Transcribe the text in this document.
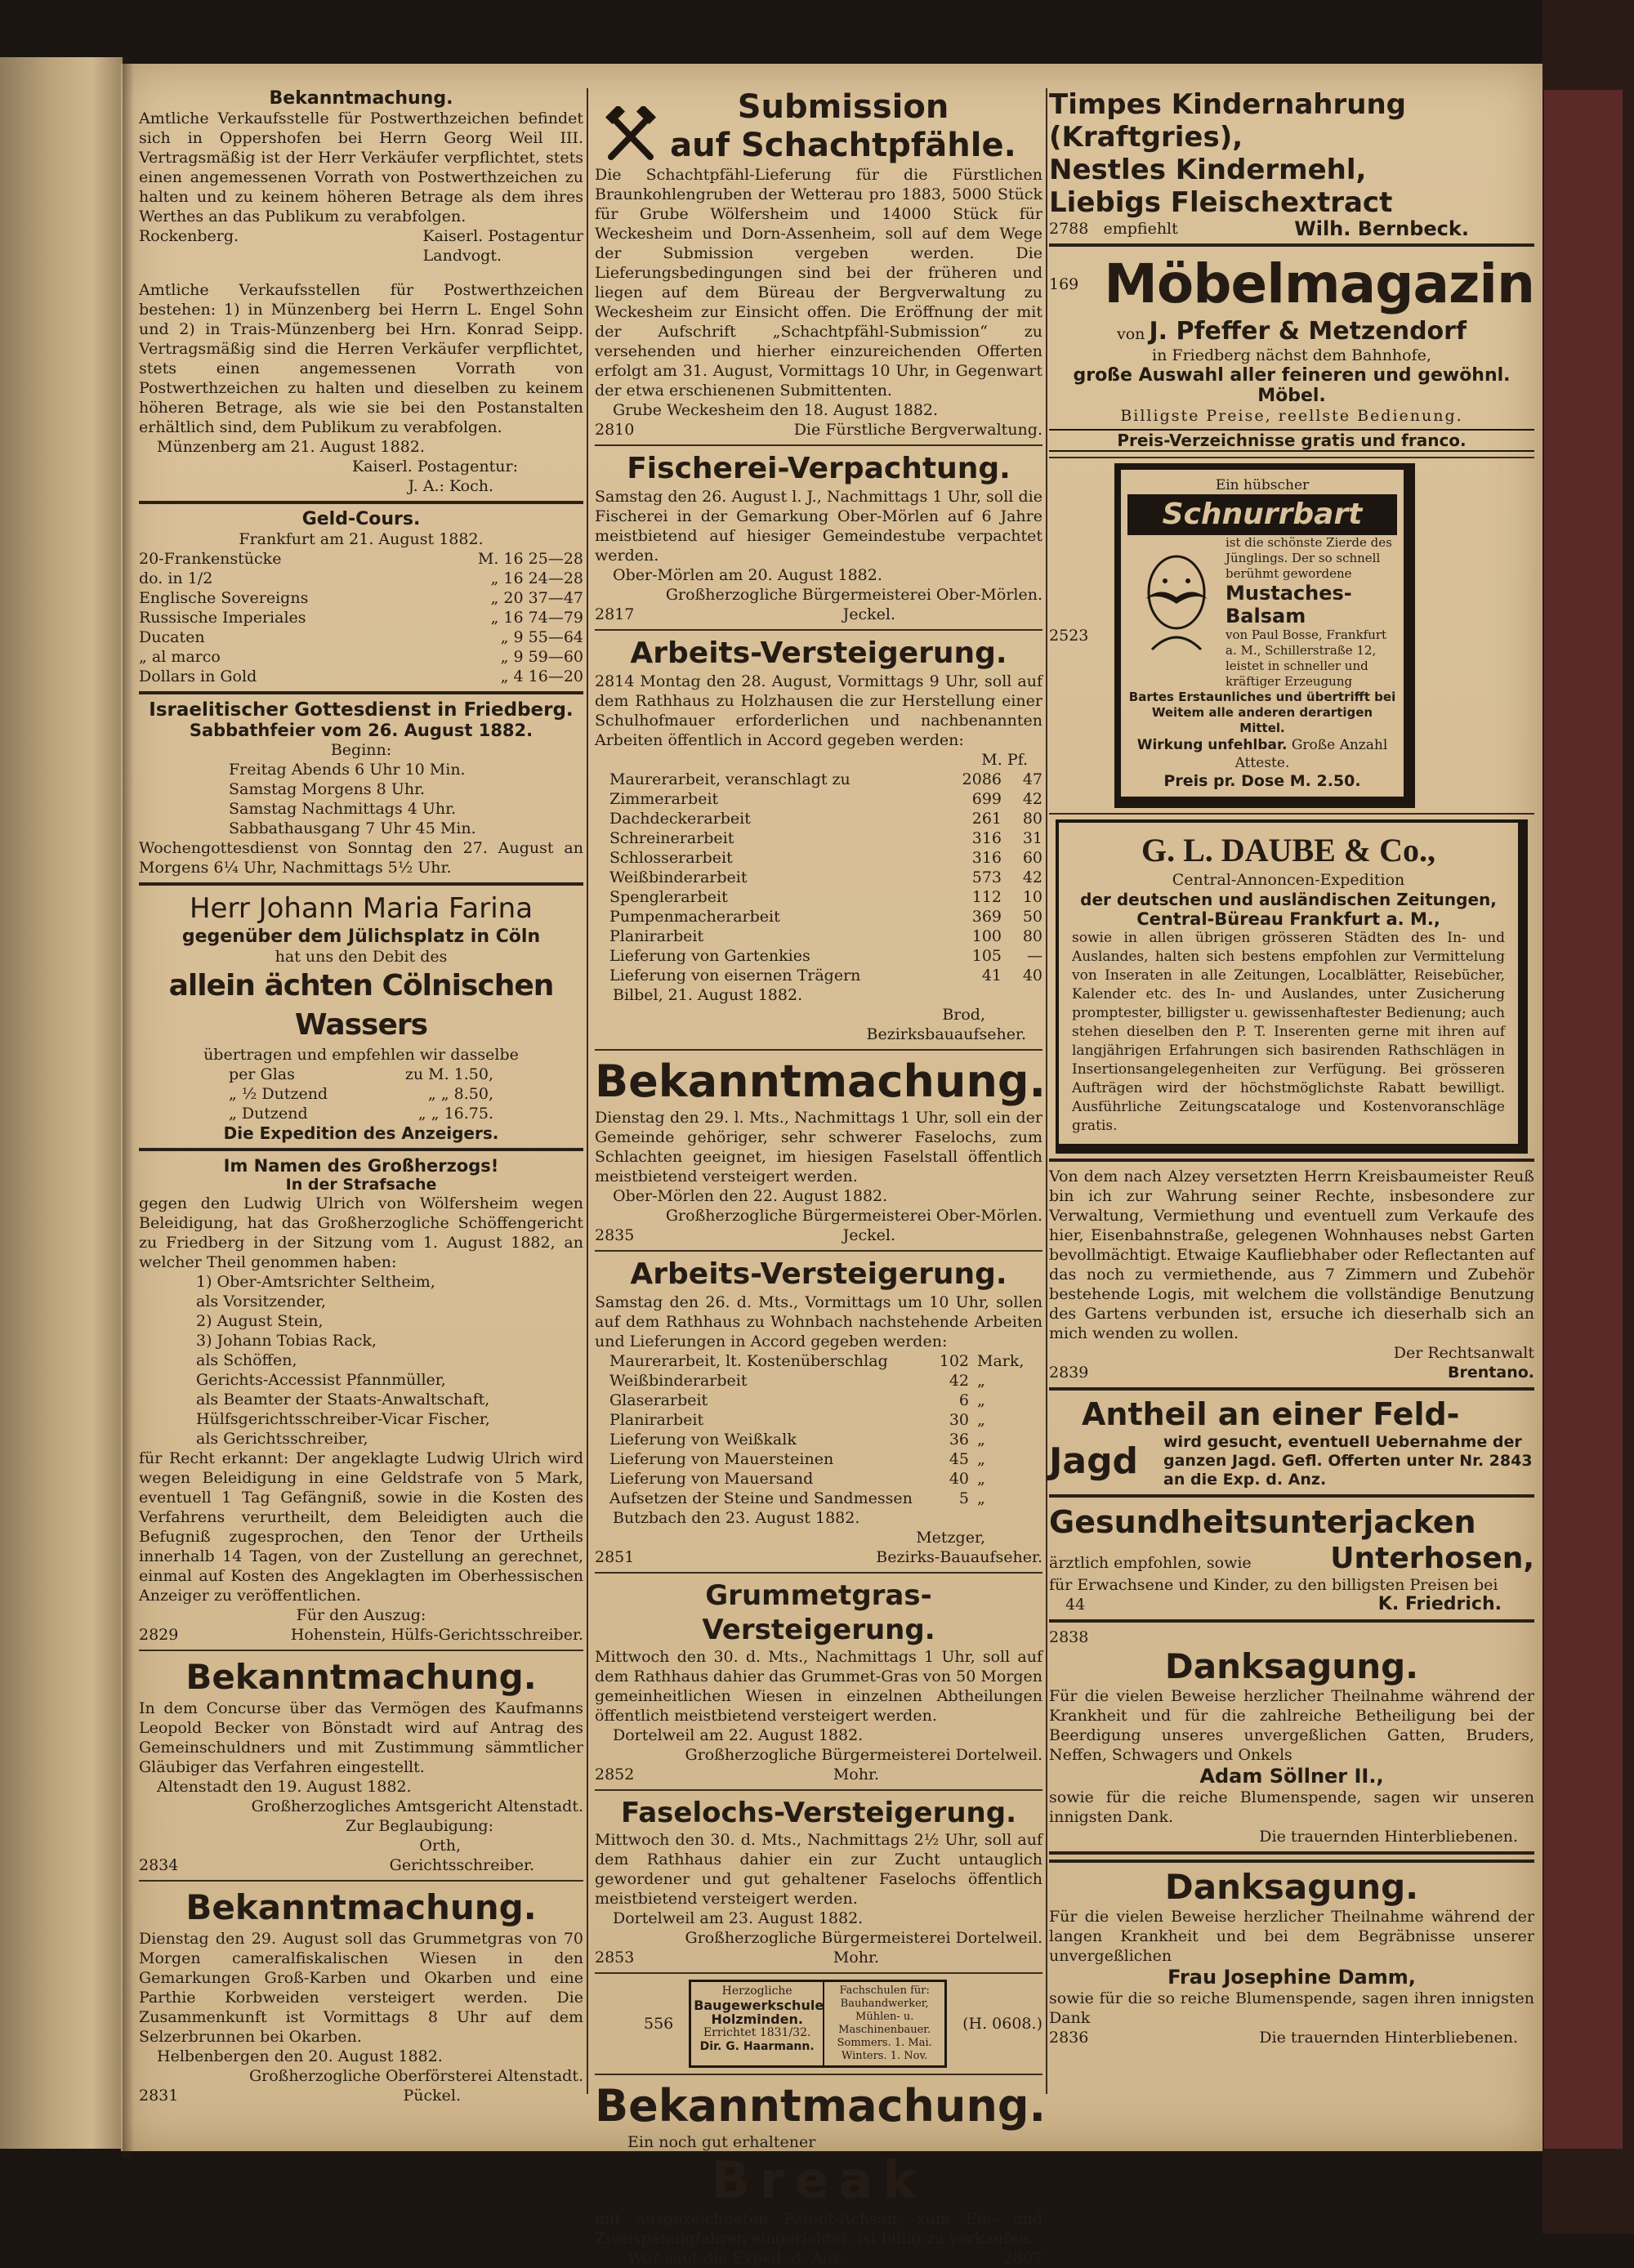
Bekanntmachung.
Amtliche Verkaufsstelle für Postwerthzeichen befindet sich in Oppershofen bei Herrn Georg Weil III. Vertragsmäßig ist der Herr Verkäufer verpflichtet, stets einen angemessenen Vorrath von Postwerthzeichen zu halten und zu keinem höheren Betrage als dem ihres Werthes an das Publikum zu verabfolgen.
Rockenberg.	Kaiserl. Postagentur
Landvogt.
Amtliche Verkaufsstellen für Postwerthzeichen bestehen: 1) in Münzenberg bei Herrn L. Engel Sohn und 2) in Trais-Münzenberg bei Hrn. Konrad Seipp. Vertragsmäßig sind die Herren Verkäufer verpflichtet, stets einen angemessenen Vorrath von Postwerthzeichen zu halten und dieselben zu keinem höheren Betrage, als wie sie bei den Postanstalten erhältlich sind, dem Publikum zu verabfolgen.
Münzenberg am 21. August 1882.
Kaiserl. Postagentur:
J. A.: Koch.
Geld-Cours.
Frankfurt am 21. August 1882.
20-Frankenstücke	M. 16 25—28
do. in 1/2	„ 16 24—28
Englische Sovereigns	„ 20 37—47
Russische Imperiales	„ 16 74—79
Ducaten	„ 9 55—64
„ al marco	„ 9 59—60
Dollars in Gold	„ 4 16—20
Israelitischer Gottesdienst in Friedberg.
Sabbathfeier vom 26. August 1882.
Beginn:
Freitag Abends 6 Uhr 10 Min.
Samstag Morgens 8 Uhr.
Samstag Nachmittags 4 Uhr.
Sabbathausgang 7 Uhr 45 Min.
Wochengottesdienst von Sonntag den 27. August an Morgens 6¼ Uhr, Nachmittags 5½ Uhr.
Herr Johann Maria Farina
gegenüber dem Jülichsplatz in Cöln
hat uns den Debit des
allein ächten Cölnischen Wassers
übertragen und empfehlen wir dasselbe
per Glas	zu M. 1.50,
„ ½ Dutzend	„ „ 8.50,
„ Dutzend	„ „ 16.75.
Die Expedition des Anzeigers.
Im Namen des Großherzogs!
In der Strafsache
gegen den Ludwig Ulrich von Wölfersheim wegen Beleidigung, hat das Großherzogliche Schöffengericht zu Friedberg in der Sitzung vom 1. August 1882, an welcher Theil genommen haben:
1) Ober-Amtsrichter Seltheim,
als Vorsitzender,
2) August Stein,
3) Johann Tobias Rack,
als Schöffen,
Gerichts-Accessist Pfannmüller,
als Beamter der Staats-Anwaltschaft,
Hülfsgerichtsschreiber-Vicar Fischer,
als Gerichtsschreiber,
für Recht erkannt: Der angeklagte Ludwig Ulrich wird wegen Beleidigung in eine Geldstrafe von 5 Mark, eventuell 1 Tag Gefängniß, sowie in die Kosten des Verfahrens verurtheilt, dem Beleidigten auch die Befugniß zugesprochen, den Tenor der Urtheils innerhalb 14 Tagen, von der Zustellung an gerechnet, einmal auf Kosten des Angeklagten im Oberhessischen Anzeiger zu veröffentlichen.
Für den Auszug:
2829	Hohenstein, Hülfs-Gerichtsschreiber.
Bekanntmachung.
In dem Concurse über das Vermögen des Kaufmanns Leopold Becker von Bönstadt wird auf Antrag des Gemeinschuldners und mit Zustimmung sämmtlicher Gläubiger das Verfahren eingestellt.
Altenstadt den 19. August 1882.
Großherzogliches Amtsgericht Altenstadt.
Zur Beglaubigung:
Orth,
2834	Gerichtsschreiber.
Bekanntmachung.
Dienstag den 29. August soll das Grummetgras von 70 Morgen cameralfiskalischen Wiesen in den Gemarkungen Groß-Karben und Okarben und eine Parthie Korbweiden versteigert werden. Die Zusammenkunft ist Vormittags 8 Uhr auf dem Selzerbrunnen bei Okarben.
Helbenbergen den 20. August 1882.
Großherzogliche Oberförsterei Altenstadt.
2831	Pückel.
Submission
auf Schachtpfähle.
Die Schachtpfähl-Lieferung für die Fürstlichen Braunkohlengruben der Wetterau pro 1883, 5000 Stück für Grube Wölfersheim und 14000 Stück für Weckesheim und Dorn-Assenheim, soll auf dem Wege der Submission vergeben werden. Die Lieferungsbedingungen sind bei der früheren und liegen auf dem Büreau der Bergverwaltung zu Weckesheim zur Einsicht offen. Die Eröffnung der mit der Aufschrift „Schachtpfähl-Submission“ zu versehenden und hierher einzureichenden Offerten erfolgt am 31. August, Vormittags 10 Uhr, in Gegenwart der etwa erschienenen Submittenten.
Grube Weckesheim den 18. August 1882.
2810	Die Fürstliche Bergverwaltung.
Fischerei-Verpachtung.
Samstag den 26. August l. J., Nachmittags 1 Uhr, soll die Fischerei in der Gemarkung Ober-Mörlen auf 6 Jahre meistbietend auf hiesiger Gemeindestube verpachtet werden.
Ober-Mörlen am 20. August 1882.
Großherzogliche Bürgermeisterei Ober-Mörlen.
2817	Jeckel.
Arbeits-Versteigerung.
2814 Montag den 28. August, Vormittags 9 Uhr, soll auf dem Rathhaus zu Holzhausen die zur Herstellung einer Schulhofmauer erforderlichen und nachbenannten Arbeiten öffentlich in Accord gegeben werden:
M. Pf.
Maurerarbeit, veranschlagt zu	2086	47
Zimmerarbeit	699	42
Dachdeckerarbeit	261	80
Schreinerarbeit	316	31
Schlosserarbeit	316	60
Weißbinderarbeit	573	42
Spenglerarbeit	112	10
Pumpenmacherarbeit	369	50
Planirarbeit	100	80
Lieferung von Gartenkies	105	—
Lieferung von eisernen Trägern	41	40
Bilbel, 21. August 1882.
Brod,
Bezirksbauaufseher.
Bekanntmachung.
Dienstag den 29. l. Mts., Nachmittags 1 Uhr, soll ein der Gemeinde gehöriger, sehr schwerer Faselochs, zum Schlachten geeignet, im hiesigen Faselstall öffentlich meistbietend versteigert werden.
Ober-Mörlen den 22. August 1882.
Großherzogliche Bürgermeisterei Ober-Mörlen.
2835	Jeckel.
Arbeits-Versteigerung.
Samstag den 26. d. Mts., Vormittags um 10 Uhr, sollen auf dem Rathhaus zu Wohnbach nachstehende Arbeiten und Lieferungen in Accord gegeben werden:
Maurerarbeit, lt. Kostenüberschlag	102 Mark,
Weißbinderarbeit	42 „
Glaserarbeit	6 „
Planirarbeit	30 „
Lieferung von Weißkalk	36 „
Lieferung von Mauersteinen	45 „
Lieferung von Mauersand	40 „
Aufsetzen der Steine und Sandmessen	5 „
Butzbach den 23. August 1882.
Metzger,
2851	Bezirks-Bauaufseher.
Grummetgras-Versteigerung.
Mittwoch den 30. d. Mts., Nachmittags 1 Uhr, soll auf dem Rathhaus dahier das Grummet-Gras von 50 Morgen gemeinheitlichen Wiesen in einzelnen Abtheilungen öffentlich meistbietend versteigert werden.
Dortelweil am 22. August 1882.
Großherzogliche Bürgermeisterei Dortelweil.
2852	Mohr.
Faselochs-Versteigerung.
Mittwoch den 30. d. Mts., Nachmittags 2½ Uhr, soll auf dem Rathhaus dahier ein zur Zucht untauglich gewordener und gut gehaltener Faselochs öffentlich meistbietend versteigert werden.
Dortelweil am 23. August 1882.
Großherzogliche Bürgermeisterei Dortelweil.
2853	Mohr.
556
Herzogliche
Baugewerkschule
Holzminden.
Errichtet 1831/32.
Dir. G. Haarmann.
Fachschulen für:
Bauhandwerker,
Mühlen- u. Maschinenbauer.
Sommers. 1. Mai.
Winters. 1. Nov.
(H. 0608.)
Bekanntmachung.
Ein noch gut erhaltener
Break
mit ausgezeichneten Patent-Achsen, zum Ein- und Zweispännigfahren eingerichtet, ist billig zu verkaufen.
Wo? sagt die Exped. d. Anz.	2807
Timpes Kindernahrung (Kraftgries),
Nestles Kindermehl,
Liebigs Fleischextract
2788 empfiehlt	Wilh. Bernbeck.
169 Möbelmagazin
von J. Pfeffer & Metzendorf
in Friedberg nächst dem Bahnhofe,
große Auswahl aller feineren und gewöhnl. Möbel.
Billigste Preise, reellste Bedienung.
Preis-Verzeichnisse gratis und franco.
2523
Ein hübscher
Schnurrbart
ist die schönste Zierde des Jünglings. Der so schnell berühmt gewordene
Mustaches-Balsam
von Paul Bosse, Frankfurt a. M., Schillerstraße 12, leistet in schneller und kräftiger Erzeugung
Bartes Erstaunliches und übertrifft bei Weitem alle anderen derartigen Mittel.
Wirkung unfehlbar. Große Anzahl Atteste.
Preis pr. Dose M. 2.50.
G. L. DAUBE & Co.,
Central-Annoncen-Expedition
der deutschen und ausländischen Zeitungen,
Central-Büreau Frankfurt a. M.,
sowie in allen übrigen grösseren Städten des In- und Auslandes, halten sich bestens empfohlen zur Vermittelung von Inseraten in alle Zeitungen, Localblätter, Reisebücher, Kalender etc. des In- und Auslandes, unter Zusicherung promptester, billigster u. gewissenhaftester Bedienung; auch stehen dieselben den P. T. Inserenten gerne mit ihren auf langjährigen Erfahrungen sich basirenden Rathschlägen in Insertionsangelegenheiten zur Verfügung. Bei grösseren Aufträgen wird der höchstmöglichste Rabatt bewilligt. Ausführliche Zeitungscataloge und Kostenvoranschläge gratis.
Von dem nach Alzey versetzten Herrn Kreisbaumeister Reuß bin ich zur Wahrung seiner Rechte, insbesondere zur Verwaltung, Vermiethung und eventuell zum Verkaufe des hier, Eisenbahnstraße, gelegenen Wohnhauses nebst Garten bevollmächtigt. Etwaige Kaufliebhaber oder Reflectanten auf das noch zu vermiethende, aus 7 Zimmern und Zubehör bestehende Logis, mit welchem die vollständige Benutzung des Gartens verbunden ist, ersuche ich dieserhalb sich an mich wenden zu wollen.
Der Rechtsanwalt
2839	Brentano.
Antheil an einer Feld-
Jagd	wird gesucht, eventuell Uebernahme der ganzen Jagd. Gefl. Offerten unter Nr. 2843 an die Exp. d. Anz.
Gesundheitsunterjacken
ärztlich empfohlen, sowie	Unterhosen,
für Erwachsene und Kinder, zu den billigsten Preisen bei
44	K. Friedrich.
2838
Danksagung.
Für die vielen Beweise herzlicher Theilnahme während der Krankheit und für die zahlreiche Betheiligung bei der Beerdigung unseres unvergeßlichen Gatten, Bruders, Neffen, Schwagers und Onkels
Adam Söllner II.,
sowie für die reiche Blumenspende, sagen wir unseren innigsten Dank.
Die trauernden Hinterbliebenen.
Danksagung.
Für die vielen Beweise herzlicher Theilnahme während der langen Krankheit und bei dem Begräbnisse unserer unvergeßlichen
Frau Josephine Damm,
sowie für die so reiche Blumenspende, sagen ihren innigsten Dank
2836	Die trauernden Hinterbliebenen.
